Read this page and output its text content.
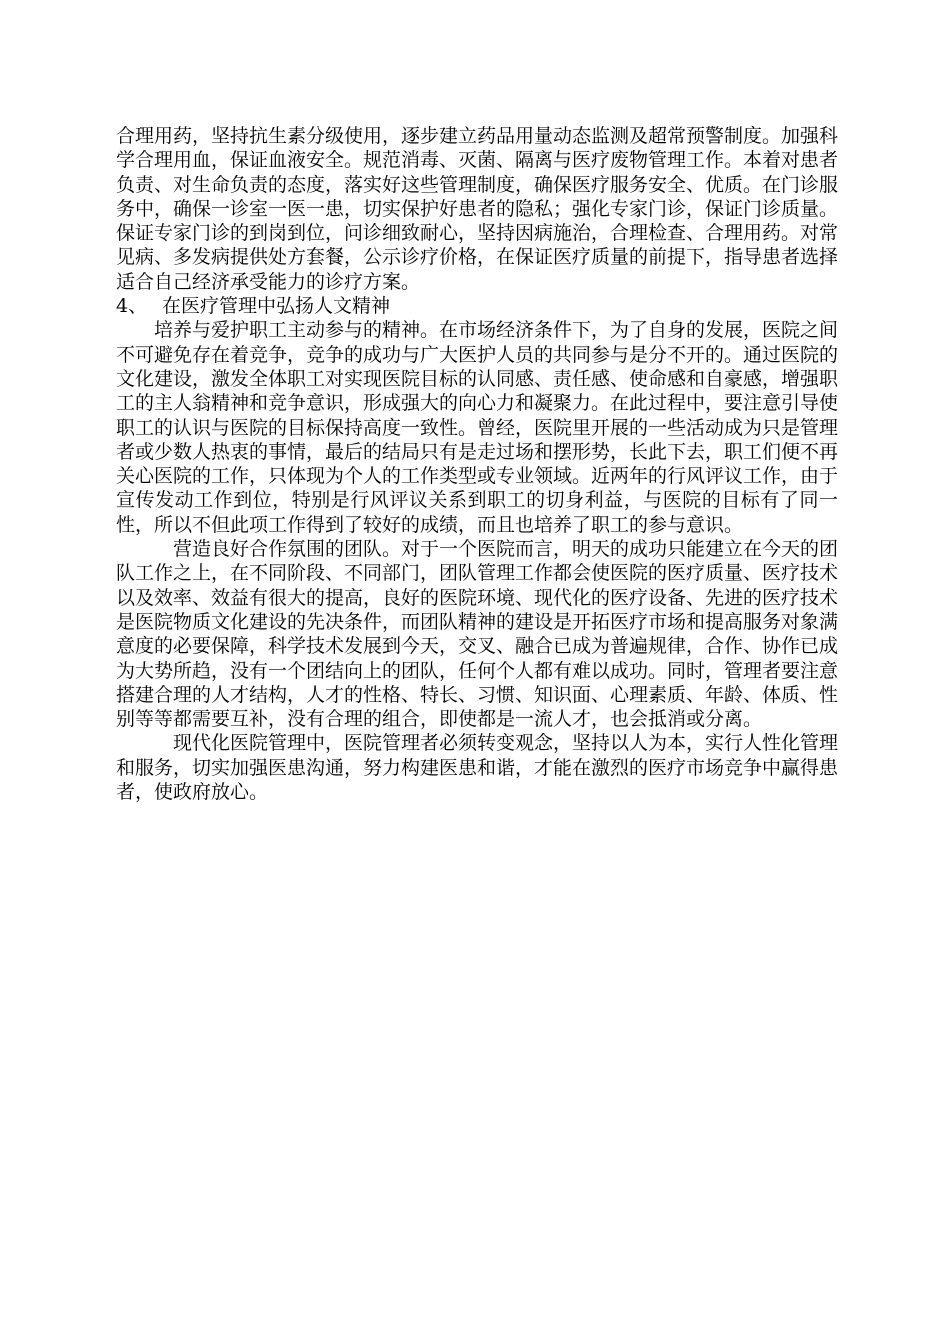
合理用药，坚持抗生素分级使用，逐步建立药品用量动态监测及超常预警制度。加强科学合理用血，保证血液安全。规范消毒、灭菌、隔离与医疗废物管理工作。本着对患者负责、对生命负责的态度，落实好这些管理制度，确保医疗服务安全、优质。在门诊服务中，确保一诊室一医一患，切实保护好患者的隐私；强化专家门诊，保证门诊质量。保证专家门诊的到岗到位，问诊细致耐心，坚持因病施治，合理检查、合理用药。对常见病、多发病提供处方套餐，公示诊疗价格，在保证医疗质量的前提下，指导患者选择适合自己经济承受能力的诊疗方案。

4、 在医疗管理中弘扬人文精神

培养与爱护职工主动参与的精神。在市场经济条件下，为了自身的发展，医院之间不可避免存在着竞争，竞争的成功与广大医护人员的共同参与是分不开的。通过医院的文化建设，激发全体职工对实现医院目标的认同感、责任感、使命感和自豪感，增强职工的主人翁精神和竞争意识，形成强大的向心力和凝聚力。在此过程中，要注意引导使职工的认识与医院的目标保持高度一致性。曾经，医院里开展的一些活动成为只是管理者或少数人热衷的事情，最后的结局只有是走过场和摆形势，长此下去，职工们便不再关心医院的工作，只体现为个人的工作类型或专业领域。近两年的行风评议工作，由于宣传发动工作到位，特别是行风评议关系到职工的切身利益，与医院的目标有了同一性，所以不但此项工作得到了较好的成绩，而且也培养了职工的参与意识。

营造良好合作氛围的团队。对于一个医院而言，明天的成功只能建立在今天的团队工作之上，在不同阶段、不同部门，团队管理工作都会使医院的医疗质量、医疗技术以及效率、效益有很大的提高，良好的医院环境、现代化的医疗设备、先进的医疗技术是医院物质文化建设的先决条件，而团队精神的建设是开拓医疗市场和提高服务对象满意度的必要保障，科学技术发展到今天，交叉、融合已成为普遍规律，合作、协作已成为大势所趋，没有一个团结向上的团队，任何个人都有难以成功。同时，管理者要注意搭建合理的人才结构，人才的性格、特长、习惯、知识面、心理素质、年龄、体质、性别等等都需要互补，没有合理的组合，即使都是一流人才，也会抵消或分离。

现代化医院管理中，医院管理者必须转变观念，坚持以人为本，实行人性化管理和服务，切实加强医患沟通，努力构建医患和谐，才能在激烈的医疗市场竞争中赢得患者，使政府放心。
